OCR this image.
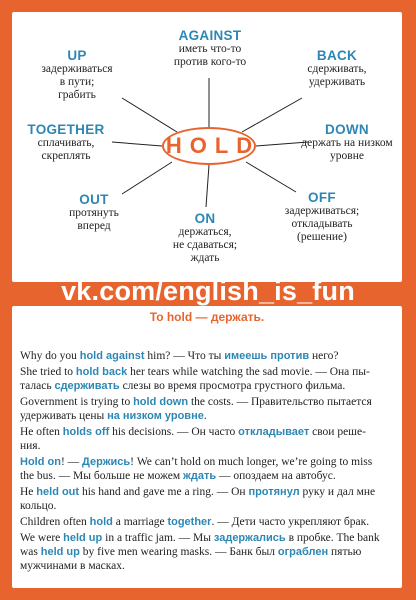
HOLD
AGAINST
иметь что-то
против кого-то
UP
задерживаться
в пути;
грабить
BACK
сдерживать,
удерживать
TOGETHER
сплачивать,
скреплять
DOWN
держать на низком
уровне
OUT
протянуть
вперед	ON
держаться,
не сдаваться;
ждать
OFF
задерживаться;
откладывать
(решение)
vk.com/english_is_fun
To hold — держать.
Why do you hold against him? — Что ты имеешь против него?
She tried to hold back her tears while watching the sad movie. — Она пы-
талась сдерживать слезы во время просмотра грустного фильма.
Government is trying to hold down the costs. — Правительство пытается
удерживать цены на низком уровне.
He often holds off his decisions. — Он часто откладывает свои реше-
ния.
Hold on! — Держись! We can’t hold on much longer, we’re going to miss
the bus. — Мы больше не можем ждать — опоздаем на автобус.
He held out his hand and gave me a ring. — Он протянул руку и дал мне
кольцо.
Children often hold a marriage together. — Дети часто укрепляют брак.
We were held up in a traffic jam. — Мы задержались в пробке. The bank
was held up by five men wearing masks. — Банк был ограблен пятью
мужчинами в масках.
